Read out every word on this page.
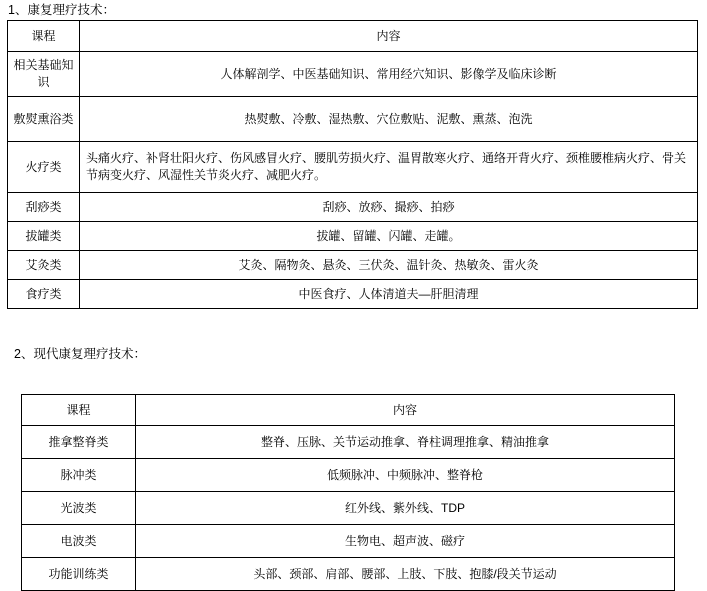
1、康复理疗技术：
课程	内容
相关基础知识	人体解剖学、中医基础知识、常用经穴知识、影像学及临床诊断
敷熨熏浴类	热熨敷、冷敷、湿热敷、穴位敷贴、泥敷、熏蒸、泡洗
火疗类	头痛火疗、补肾壮阳火疗、伤风感冒火疗、腰肌劳损火疗、温胃散寒火疗、通络开背火疗、颈椎腰椎病火疗、骨关节病变火疗、风湿性关节炎火疗、减肥火疗。
刮痧类	刮痧、放痧、撮痧、拍痧
拔罐类	拔罐、留罐、闪罐、走罐。
艾灸类	艾灸、隔物灸、悬灸、三伏灸、温针灸、热敏灸、雷火灸
食疗类	中医食疗、人体清道夫—肝胆清理
2、现代康复理疗技术：
课程	内容
推拿整脊类	整脊、压脉、关节运动推拿、脊柱调理推拿、精油推拿
脉冲类	低频脉冲、中频脉冲、整脊枪
光波类	红外线、紫外线、TDP
电波类	生物电、超声波、磁疗
功能训练类	头部、颈部、肩部、腰部、上肢、下肢、抱膝/段关节运动
